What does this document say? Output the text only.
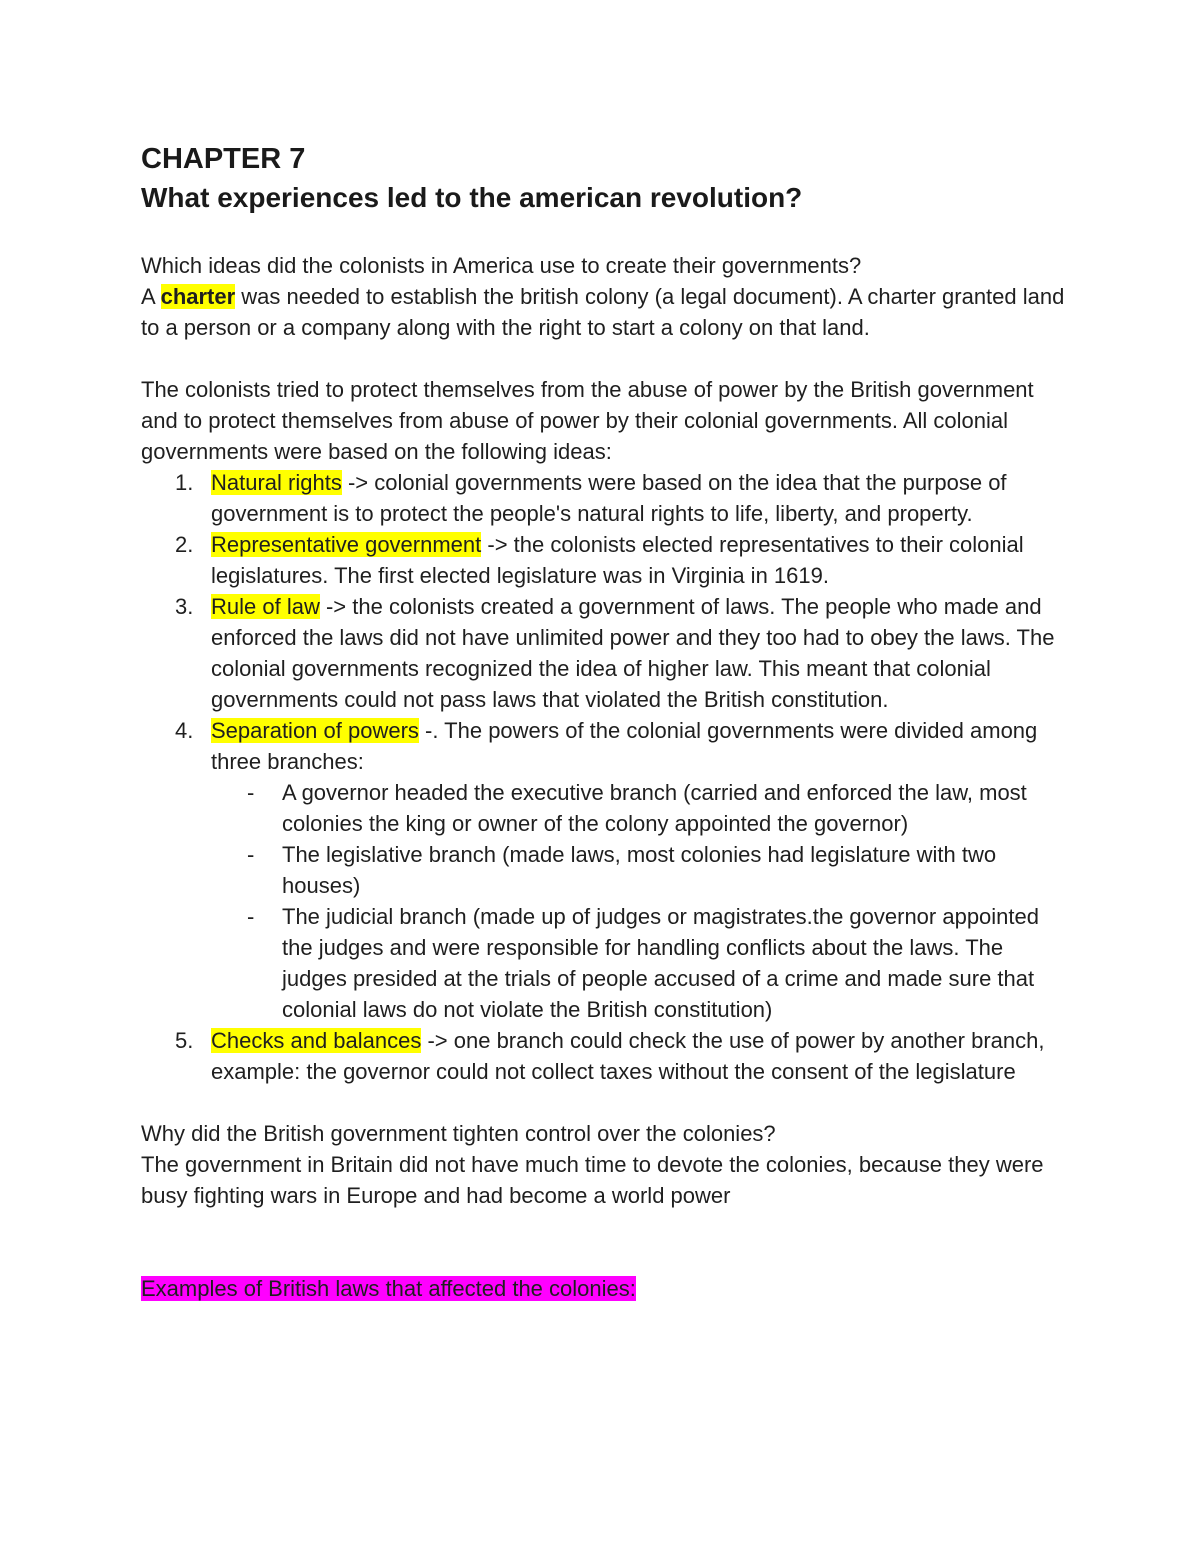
CHAPTER 7
What experiences led to the american revolution?

Which ideas did the colonists in America use to create their governments?

A charter was needed to establish the british colony (a legal document). A charter granted land to a person or a company along with the right to start a colony on that land.

The colonists tried to protect themselves from the abuse of power by the British government and to protect themselves from abuse of power by their colonial governments. All colonial governments were based on the following ideas:

1. Natural rights -> colonial governments were based on the idea that the purpose of government is to protect the people's natural rights to life, liberty, and property.
2. Representative government -> the colonists elected representatives to their colonial legislatures. The first elected legislature was in Virginia in 1619.
3. Rule of law -> the colonists created a government of laws. The people who made and enforced the laws did not have unlimited power and they too had to obey the laws. The colonial governments recognized the idea of higher law. This meant that colonial governments could not pass laws that violated the British constitution.
4. Separation of powers -. The powers of the colonial governments were divided among three branches:
- A governor headed the executive branch (carried and enforced the law, most colonies the king or owner of the colony appointed the governor)
- The legislative branch (made laws, most colonies had legislature with two houses)
- The judicial branch (made up of judges or magistrates.the governor appointed the judges and were responsible for handling conflicts about the laws. The judges presided at the trials of people accused of a crime and made sure that colonial laws do not violate the British constitution)
5. Checks and balances -> one branch could check the use of power by another branch, example: the governor could not collect taxes without the consent of the legislature

Why did the British government tighten control over the colonies?

The government in Britain did not have much time to devote the colonies, because they were busy fighting wars in Europe and had become a world power

Examples of British laws that affected the colonies:
